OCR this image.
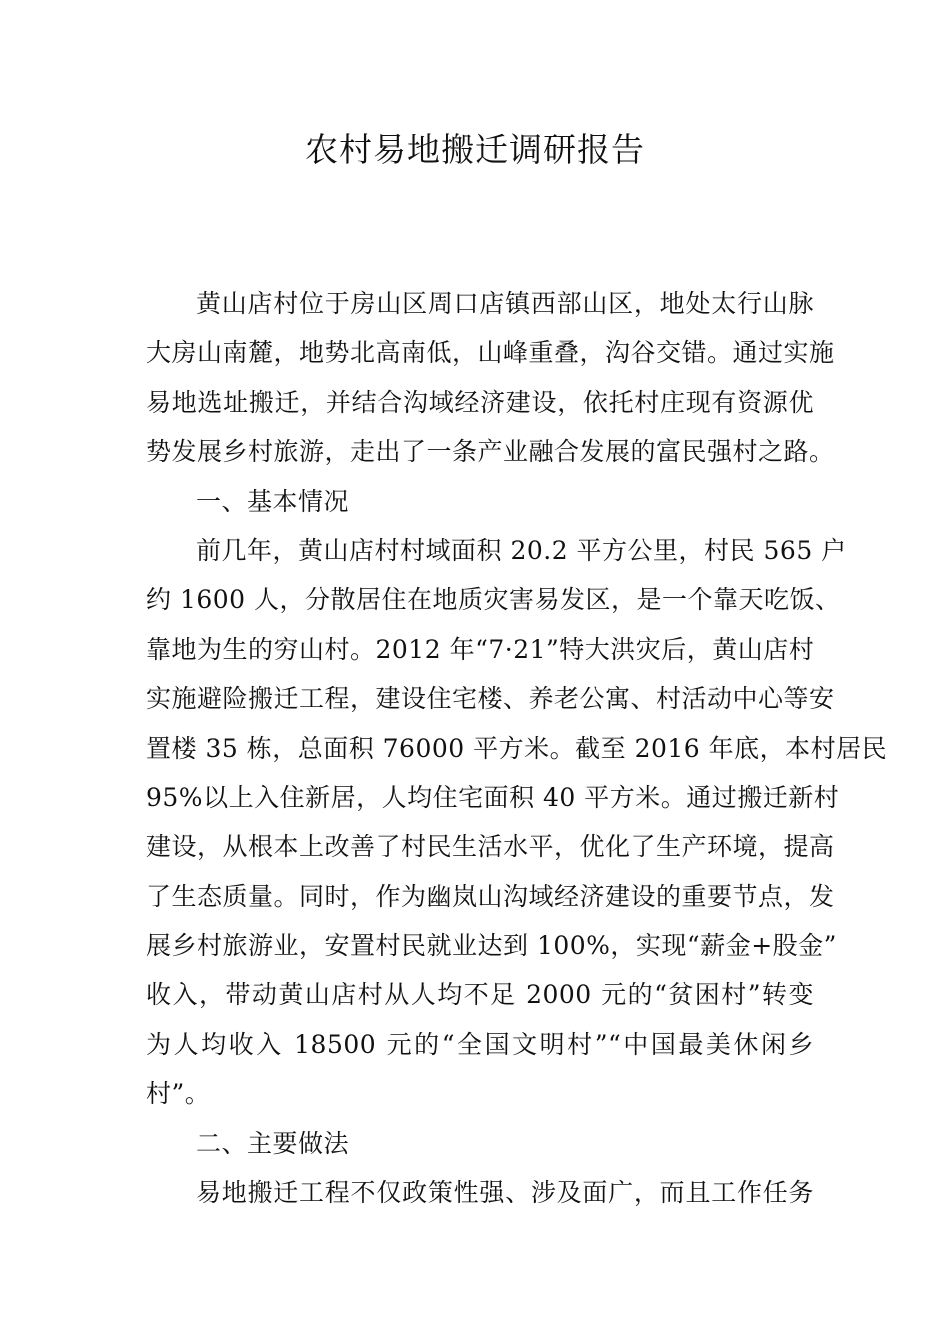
农村易地搬迁调研报告
黄山店村位于房山区周口店镇西部山区，地处太行山脉
大房山南麓，地势北高南低，山峰重叠，沟谷交错。通过实施
易地选址搬迁，并结合沟域经济建设，依托村庄现有资源优
势发展乡村旅游，走出了一条产业融合发展的富民强村之路。
一、基本情况
前几年，黄山店村村域面积 20.2 平方公里，村民 565 户
约 1600 人，分散居住在地质灾害易发区，是一个靠天吃饭、
靠地为生的穷山村。2012 年“7·21”特大洪灾后，黄山店村
实施避险搬迁工程，建设住宅楼、养老公寓、村活动中心等安
置楼 35 栋，总面积 76000 平方米。截至 2016 年底，本村居民
95%以上入住新居，人均住宅面积 40 平方米。通过搬迁新村
建设，从根本上改善了村民生活水平，优化了生产环境，提高
了生态质量。同时，作为幽岚山沟域经济建设的重要节点，发
展乡村旅游业，安置村民就业达到 100%，实现“薪金+股金”
收入，带动黄山店村从人均不足 2000 元的“贫困村”转变
为人均收入 18500 元的“全国文明村”“中国最美休闲乡
村”。
二、主要做法
易地搬迁工程不仅政策性强、涉及面广，而且工作任务
